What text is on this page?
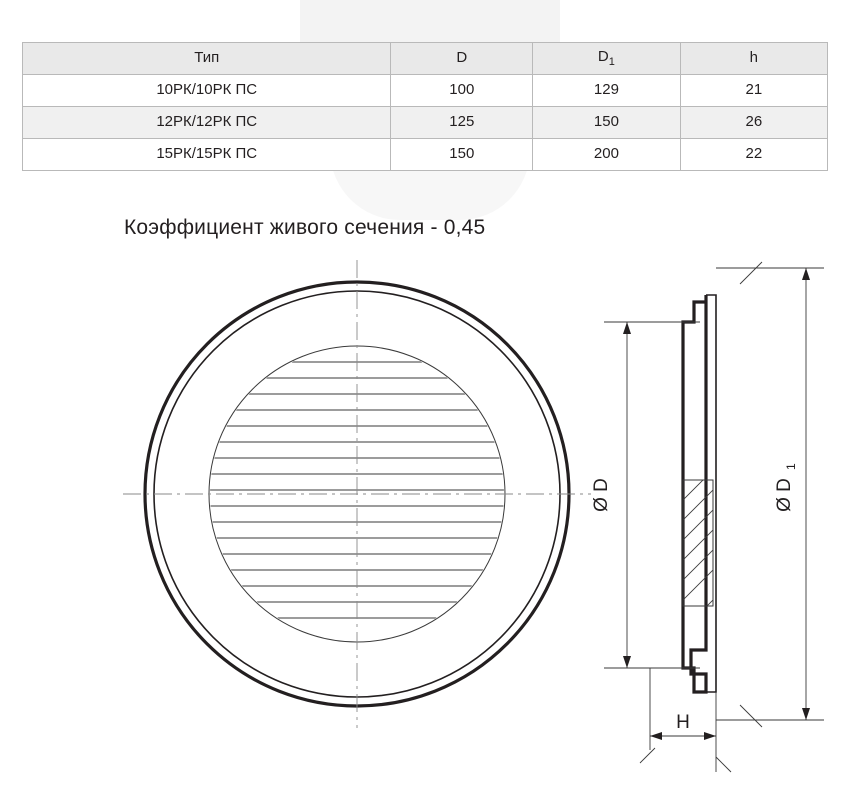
Тип	D	$D_1$	h
10РК/10РК ПС	100	129	21
12РК/12РК ПС	125	150	26
15РК/15РК ПС	150	200	22
Коэффициент живого сечения - 0,45
Ø D	Ø D
1
H
